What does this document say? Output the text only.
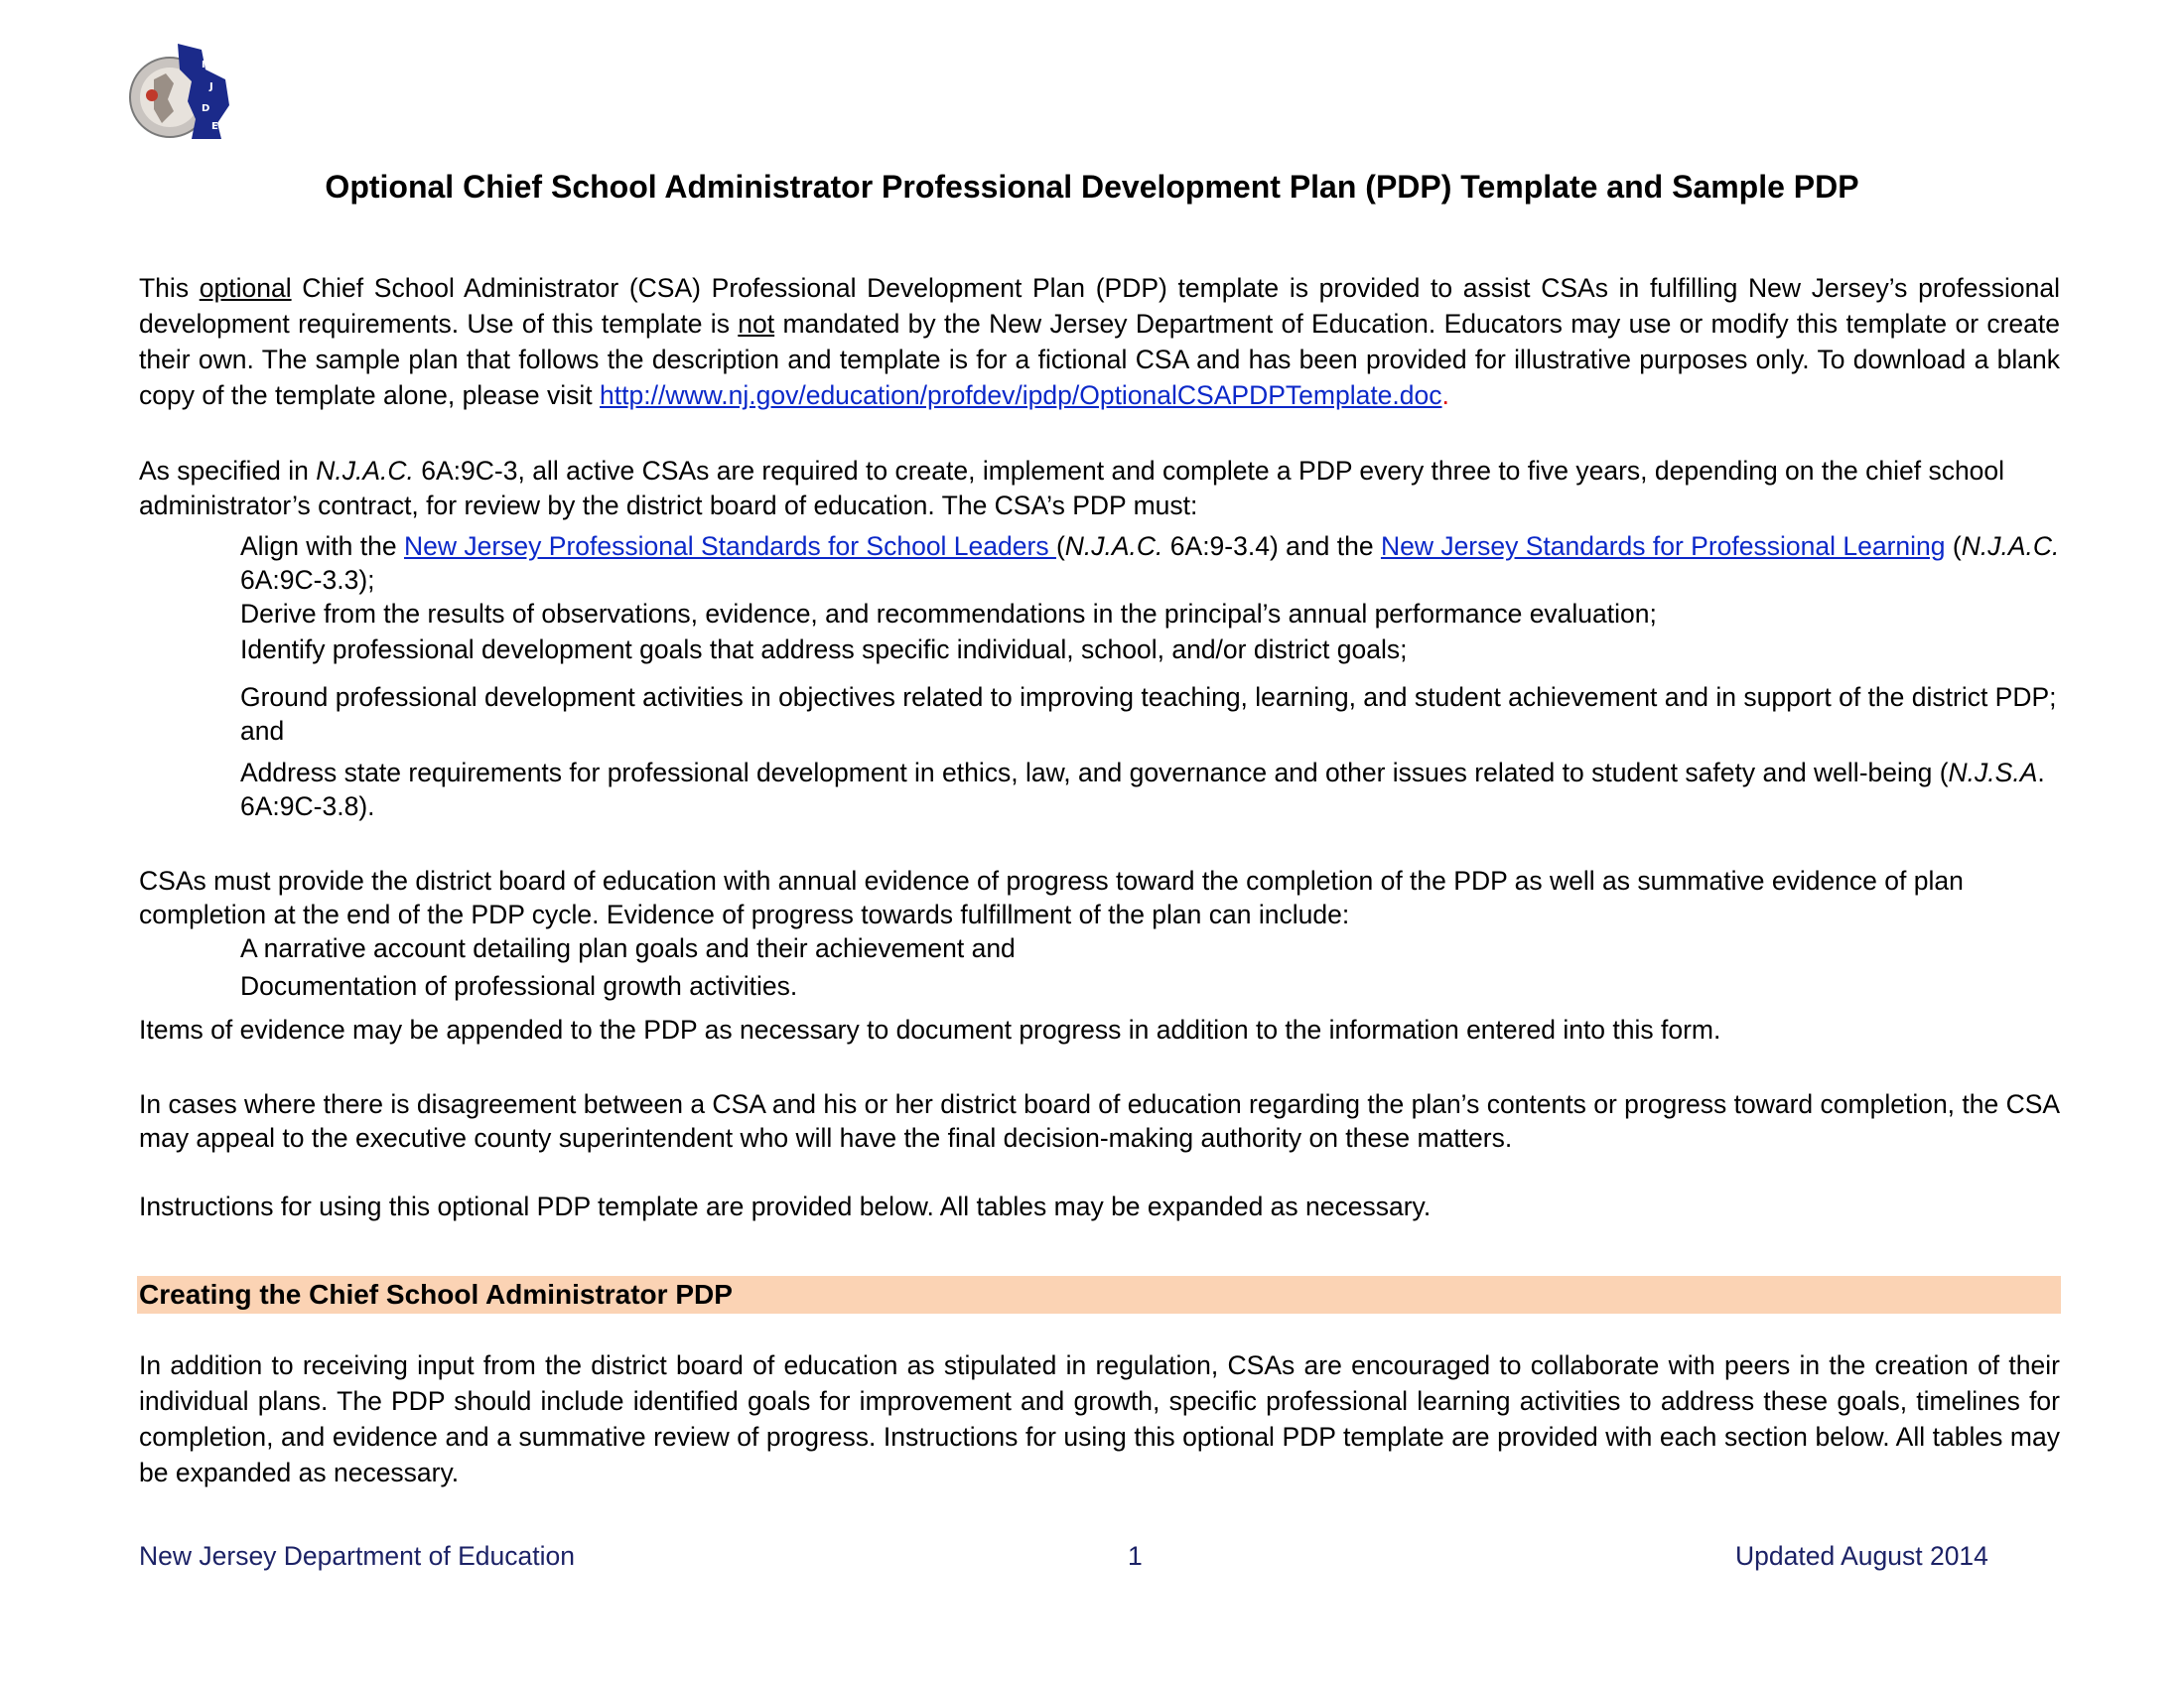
N
J
D
E
Optional Chief School Administrator Professional Development Plan (PDP) Template and Sample PDP

This optional Chief School Administrator (CSA) Professional Development Plan (PDP) template is provided to assist CSAs in fulfilling New Jersey’s professional development requirements. Use of this template is not mandated by the New Jersey Department of Education. Educators may use or modify this template or create their own. The sample plan that follows the description and template is for a fictional CSA and has been provided for illustrative purposes only. To download a blank copy of the template alone, please visit http://www.nj.gov/education/profdev/ipdp/OptionalCSAPDPTemplate.doc.

As specified in N.J.A.C. 6A:9C-3, all active CSAs are required to create, implement and complete a PDP every three to five years, depending on the chief school administrator’s contract, for review by the district board of education. The CSA’s PDP must:

Align with the New Jersey Professional Standards for School Leaders (N.J.A.C. 6A:9-3.4) and the New Jersey Standards for Professional Learning (N.J.A.C. 6A:9C-3.3);
Derive from the results of observations, evidence, and recommendations in the principal’s annual performance evaluation;
Identify professional development goals that address specific individual, school, and/or district goals;
Ground professional development activities in objectives related to improving teaching, learning, and student achievement and in support of the district PDP; and
Address state requirements for professional development in ethics, law, and governance and other issues related to student safety and well-being (N.J.S.A. 6A:9C-3.8).

CSAs must provide the district board of education with annual evidence of progress toward the completion of the PDP as well as summative evidence of plan completion at the end of the PDP cycle. Evidence of progress towards fulfillment of the plan can include:

A narrative account detailing plan goals and their achievement and
Documentation of professional growth activities.

Items of evidence may be appended to the PDP as necessary to document progress in addition to the information entered into this form.

In cases where there is disagreement between a CSA and his or her district board of education regarding the plan’s contents or progress toward completion, the CSA may appeal to the executive county superintendent who will have the final decision-making authority on these matters.

Instructions for using this optional PDP template are provided below. All tables may be expanded as necessary.

Creating the Chief School Administrator PDP

In addition to receiving input from the district board of education as stipulated in regulation, CSAs are encouraged to collaborate with peers in the creation of their individual plans. The PDP should include identified goals for improvement and growth, specific professional learning activities to address these goals, timelines for completion, and evidence and a summative review of progress. Instructions for using this optional PDP template are provided with each section below. All tables may be expanded as necessary.

New Jersey Department of Education	1	Updated August 2014
